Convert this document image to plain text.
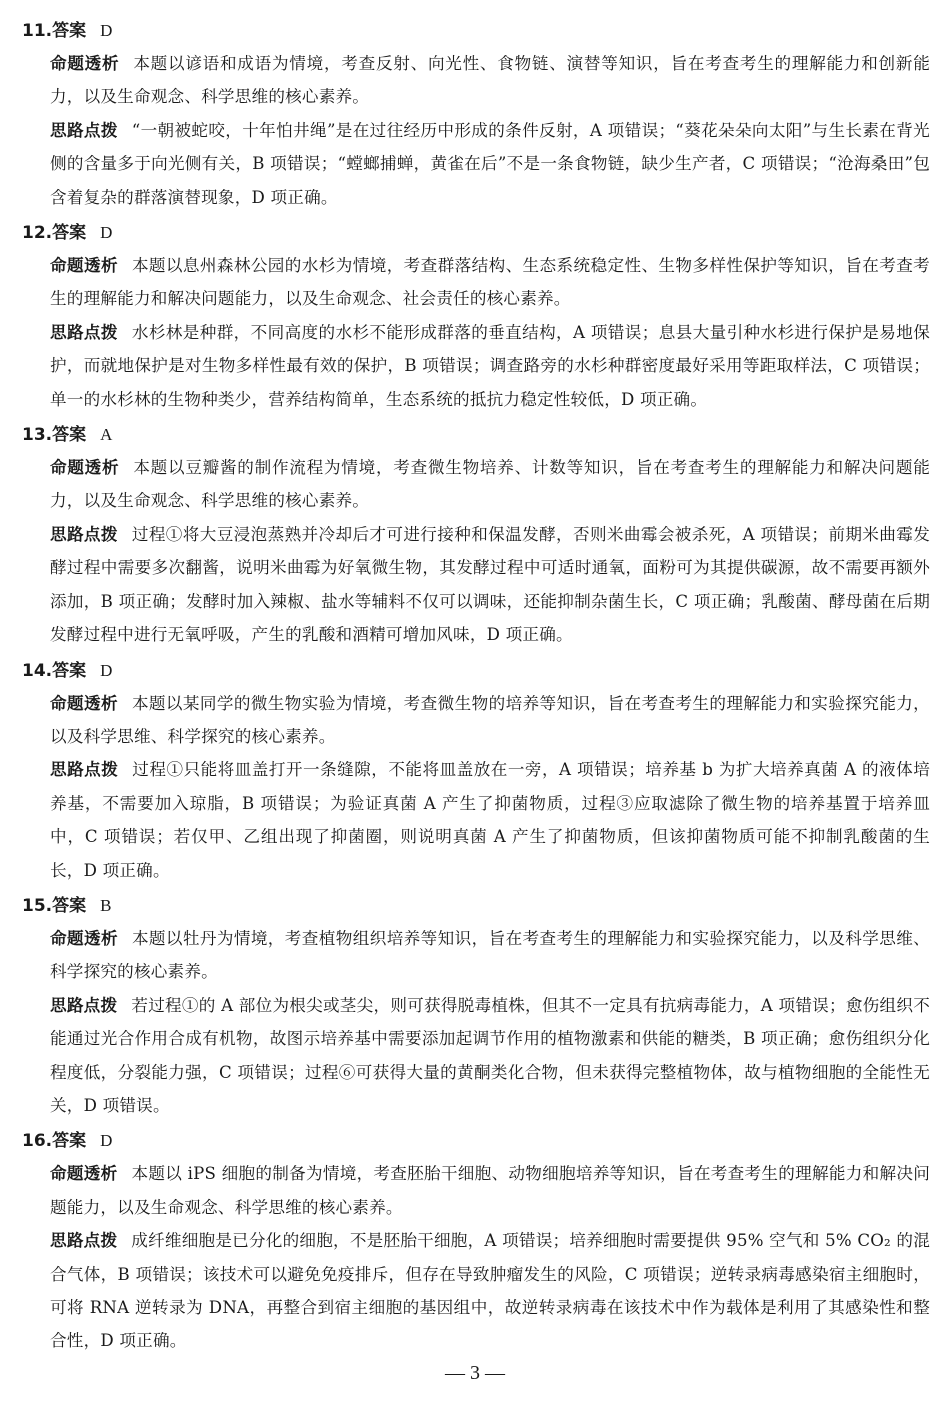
11.答案 D
命题透析 本题以谚语和成语为情境，考查反射、向光性、食物链、演替等知识，旨在考查考生的理解能力和创新能力，以及生命观念、科学思维的核心素养。
思路点拨 “一朝被蛇咬，十年怕井绳”是在过往经历中形成的条件反射，A 项错误；“葵花朵朵向太阳”与生长素在背光侧的含量多于向光侧有关，B 项错误；“螳螂捕蝉，黄雀在后”不是一条食物链，缺少生产者，C 项错误；“沧海桑田”包含着复杂的群落演替现象，D 项正确。
12.答案 D
命题透析 本题以息州森林公园的水杉为情境，考查群落结构、生态系统稳定性、生物多样性保护等知识，旨在考查考生的理解能力和解决问题能力，以及生命观念、社会责任的核心素养。
思路点拨 水杉林是种群，不同高度的水杉不能形成群落的垂直结构，A 项错误；息县大量引种水杉进行保护是易地保护，而就地保护是对生物多样性最有效的保护，B 项错误；调查路旁的水杉种群密度最好采用等距取样法，C 项错误；单一的水杉林的生物种类少，营养结构简单，生态系统的抵抗力稳定性较低，D 项正确。
13.答案 A
命题透析 本题以豆瓣酱的制作流程为情境，考查微生物培养、计数等知识，旨在考查考生的理解能力和解决问题能力，以及生命观念、科学思维的核心素养。
思路点拨 过程①将大豆浸泡蒸熟并冷却后才可进行接种和保温发酵，否则米曲霉会被杀死，A 项错误；前期米曲霉发酵过程中需要多次翻酱，说明米曲霉为好氧微生物，其发酵过程中可适时通氧，面粉可为其提供碳源，故不需要再额外添加，B 项正确；发酵时加入辣椒、盐水等辅料不仅可以调味，还能抑制杂菌生长，C 项正确；乳酸菌、酵母菌在后期发酵过程中进行无氧呼吸，产生的乳酸和酒精可增加风味，D 项正确。
14.答案 D
命题透析 本题以某同学的微生物实验为情境，考查微生物的培养等知识，旨在考查考生的理解能力和实验探究能力，以及科学思维、科学探究的核心素养。
思路点拨 过程①只能将皿盖打开一条缝隙，不能将皿盖放在一旁，A 项错误；培养基 b 为扩大培养真菌 A 的液体培养基，不需要加入琼脂，B 项错误；为验证真菌 A 产生了抑菌物质，过程③应取滤除了微生物的培养基置于培养皿中，C 项错误；若仅甲、乙组出现了抑菌圈，则说明真菌 A 产生了抑菌物质，但该抑菌物质可能不抑制乳酸菌的生长，D 项正确。
15.答案 B
命题透析 本题以牡丹为情境，考查植物组织培养等知识，旨在考查考生的理解能力和实验探究能力，以及科学思维、科学探究的核心素养。
思路点拨 若过程①的 A 部位为根尖或茎尖，则可获得脱毒植株，但其不一定具有抗病毒能力，A 项错误；愈伤组织不能通过光合作用合成有机物，故图示培养基中需要添加起调节作用的植物激素和供能的糖类，B 项正确；愈伤组织分化程度低，分裂能力强，C 项错误；过程⑥可获得大量的黄酮类化合物，但未获得完整植物体，故与植物细胞的全能性无关，D 项错误。
16.答案 D
命题透析 本题以 iPS 细胞的制备为情境，考查胚胎干细胞、动物细胞培养等知识，旨在考查考生的理解能力和解决问题能力，以及生命观念、科学思维的核心素养。
思路点拨 成纤维细胞是已分化的细胞，不是胚胎干细胞，A 项错误；培养细胞时需要提供 95% 空气和 5% CO₂ 的混合气体，B 项错误；该技术可以避免免疫排斥，但存在导致肿瘤发生的风险，C 项错误；逆转录病毒感染宿主细胞时，可将 RNA 逆转录为 DNA，再整合到宿主细胞的基因组中，故逆转录病毒在该技术中作为载体是利用了其感染性和整合性，D 项正确。
— 3 —
